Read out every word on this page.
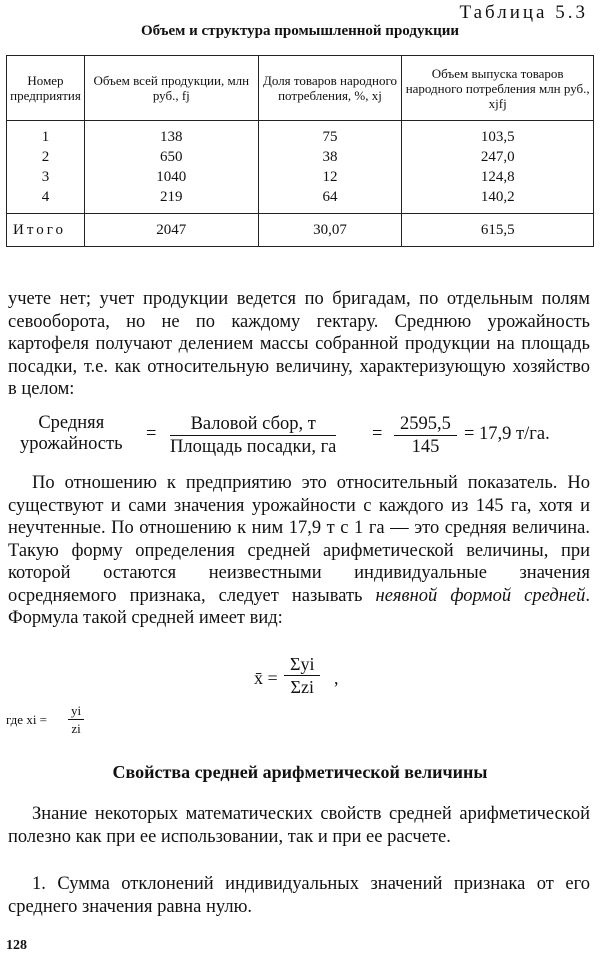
Таблица 5.3
Объем и структура промышленной продукции
Номер предприятия	Объем всей продукции, млн руб., fj	Доля товаров народного потребления, %, xj	Объем выпуска товаров народного потребления млн руб., xjfj
1	138	75	103,5
2	650	38	247,0
3	1040	12	124,8
4	219	64	140,2
Итого	2047	30,07	615,5

учете нет; учет продукции ведется по бригадам, по отдельным полям севооборота, но не по каждому гектару. Среднюю урожайность картофеля получают делением массы собранной продукции на площадь посадки, т.е. как относительную величину, характеризующую хозяйство в целом:

Средняя
урожайность =	Валовой сбор, т
Площадь посадки, га
= $\frac{2595,5}{145} = 17,9$ т/га.

По отношению к предприятию это относительный показатель. Но существуют и сами значения урожайности с каждого из 145 га, хотя и неучтенные. По отношению к ним 17,9 т с 1 га — это средняя величина. Такую форму определения средней арифметической величины, при которой остаются неизвестными индивидуальные значения осредняемого признака, следует называть неявной формой средней. Формула такой средней имеет вид:

x̄ =
Σyi
Σzi	,
где xi = $\frac{yi}{zi}$
Свойства средней арифметической величины

Знание некоторых математических свойств средней арифметической полезно как при ее использовании, так и при ее расчете.

1. Сумма отклонений индивидуальных значений признака от его среднего значения равна нулю.

128
